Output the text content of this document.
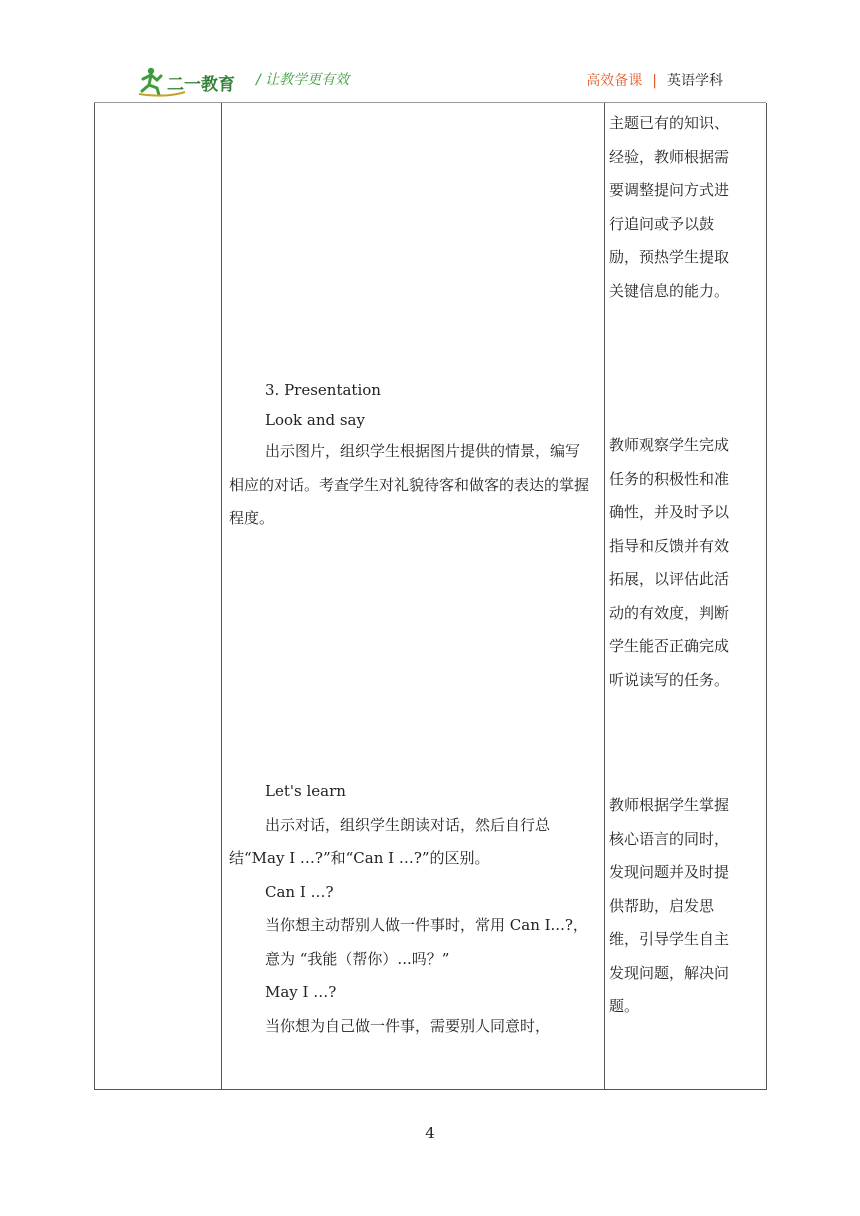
二一教育 / 让教学更有效	高效备课 | 英语学科

主题已有的知识、

经验，教师根据需

要调整提问方式进

行追问或予以鼓

励，预热学生提取

关键信息的能力。

3. Presentation

Look and say

出示图片，组织学生根据图片提供的情景，编写相应的对话。考查学生对礼貌待客和做客的表达的掌握程度。

教师观察学生完成

任务的积极性和准

确性，并及时予以

指导和反馈并有效

拓展，以评估此活

动的有效度，判断

学生能否正确完成

听说读写的任务。

Let's learn

出示对话，组织学生朗读对话，然后自行总结“May I …?”和“Can I …?”的区别。

Can I …?

当你想主动帮别人做一件事时，常用 Can I...?，

意为 “我能（帮你）...吗？”

May I …?

当你想为自己做一件事，需要别人同意时，

教师根据学生掌握

核心语言的同时，

发现问题并及时提

供帮助，启发思

维，引导学生自主

发现问题，解决问

题。

4
